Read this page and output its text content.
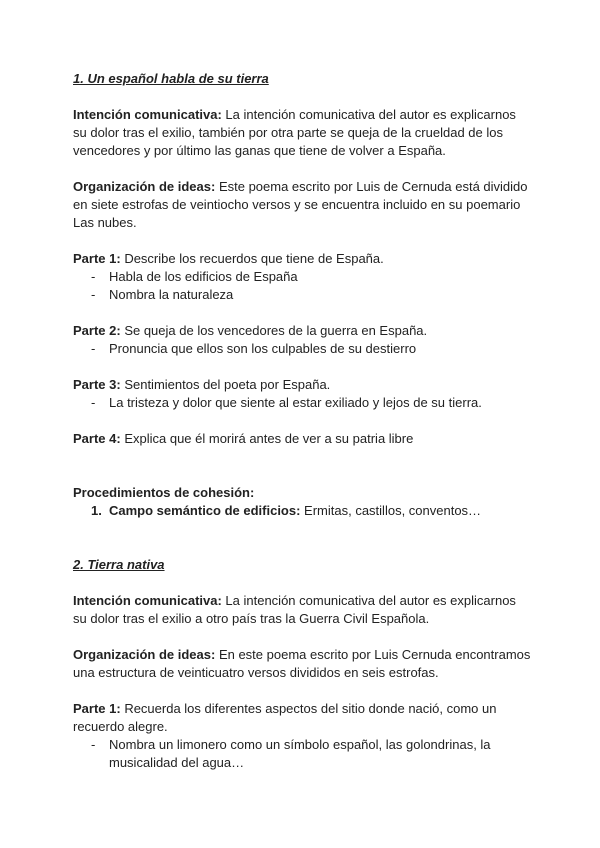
1. Un español habla de su tierra

Intención comunicativa: La intención comunicativa del autor es explicarnos su dolor tras el exilio, también por otra parte se queja de la crueldad de los vencedores y por último las ganas que tiene de volver a España.

Organización de ideas: Este poema escrito por Luis de Cernuda está dividido en siete estrofas de veintiocho versos y se encuentra incluido en su poemario Las nubes.

Parte 1: Describe los recuerdos que tiene de España.

- Habla de los edificios de España
- Nombra la naturaleza

Parte 2: Se queja de los vencedores de la guerra en España.

- Pronuncia que ellos son los culpables de su destierro

Parte 3: Sentimientos del poeta por España.

- La tristeza y dolor que siente al estar exiliado y lejos de su tierra.

Parte 4: Explica que él morirá antes de ver a su patria libre

Procedimientos de cohesión:

1. Campo semántico de edificios: Ermitas, castillos, conventos…

2. Tierra nativa

Intención comunicativa: La intención comunicativa del autor es explicarnos su dolor tras el exilio a otro país tras la Guerra Civil Española.

Organización de ideas: En este poema escrito por Luis Cernuda encontramos una estructura de veinticuatro versos divididos en seis estrofas.

Parte 1: Recuerda los diferentes aspectos del sitio donde nació, como un recuerdo alegre.

- Nombra un limonero como un símbolo español, las golondrinas, la musicalidad del agua…
